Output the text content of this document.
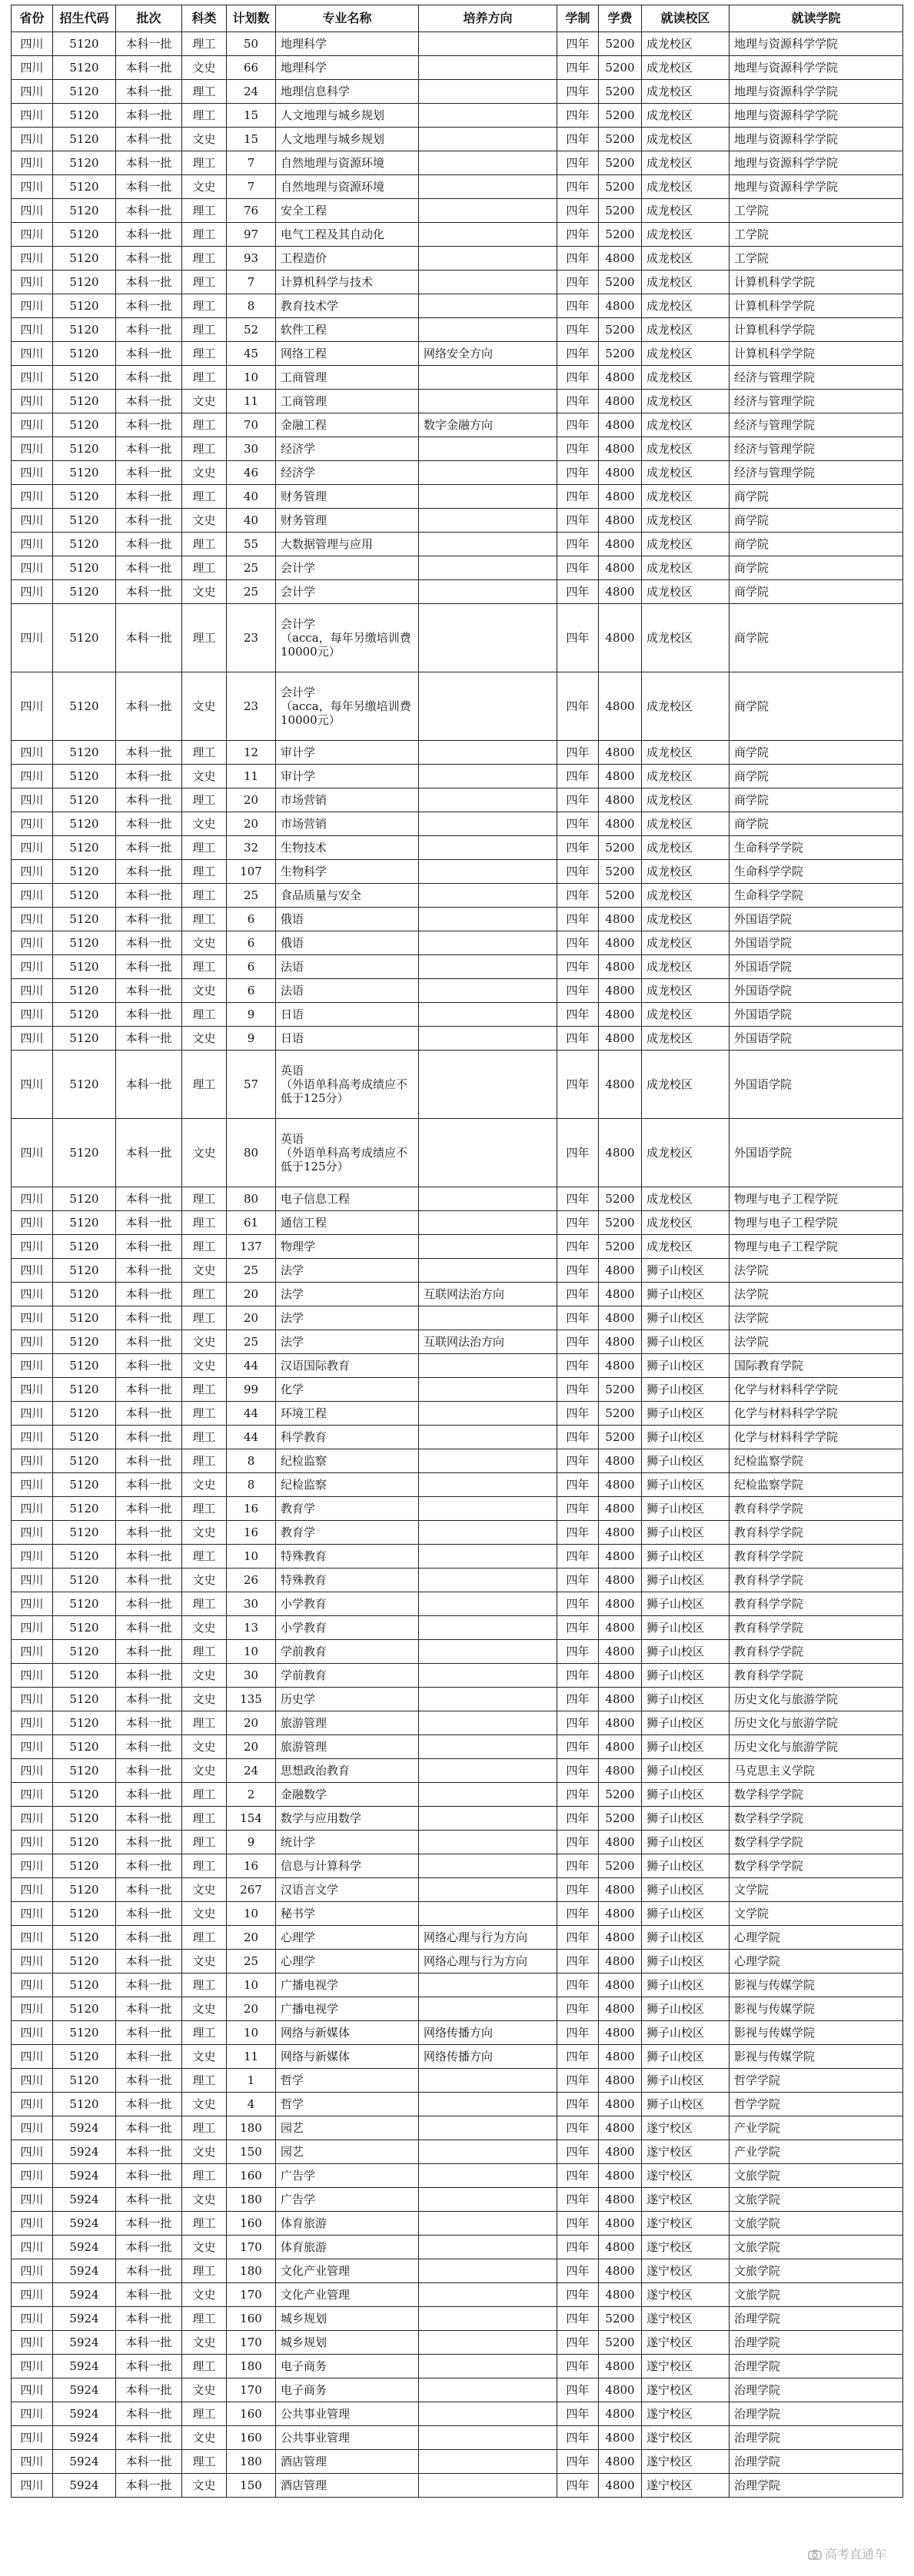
省份	招生代码	批次	科类	计划数	专业名称	培养方向	学制	学费	就读校区	就读学院
四川	5120	本科一批	理工	50	地理科学		四年	5200	成龙校区	地理与资源科学学院
四川	5120	本科一批	文史	66	地理科学		四年	5200	成龙校区	地理与资源科学学院
四川	5120	本科一批	理工	24	地理信息科学		四年	5200	成龙校区	地理与资源科学学院
四川	5120	本科一批	理工	15	人文地理与城乡规划		四年	5200	成龙校区	地理与资源科学学院
四川	5120	本科一批	文史	15	人文地理与城乡规划		四年	5200	成龙校区	地理与资源科学学院
四川	5120	本科一批	理工	7	自然地理与资源环境		四年	5200	成龙校区	地理与资源科学学院
四川	5120	本科一批	文史	7	自然地理与资源环境		四年	5200	成龙校区	地理与资源科学学院
四川	5120	本科一批	理工	76	安全工程		四年	5200	成龙校区	工学院
四川	5120	本科一批	理工	97	电气工程及其自动化		四年	5200	成龙校区	工学院
四川	5120	本科一批	理工	93	工程造价		四年	4800	成龙校区	工学院
四川	5120	本科一批	理工	7	计算机科学与技术		四年	5200	成龙校区	计算机科学学院
四川	5120	本科一批	理工	8	教育技术学		四年	4800	成龙校区	计算机科学学院
四川	5120	本科一批	理工	52	软件工程		四年	5200	成龙校区	计算机科学学院
四川	5120	本科一批	理工	45	网络工程	网络安全方向	四年	5200	成龙校区	计算机科学学院
四川	5120	本科一批	理工	10	工商管理		四年	4800	成龙校区	经济与管理学院
四川	5120	本科一批	文史	11	工商管理		四年	4800	成龙校区	经济与管理学院
四川	5120	本科一批	理工	70	金融工程	数字金融方向	四年	4800	成龙校区	经济与管理学院
四川	5120	本科一批	理工	30	经济学		四年	4800	成龙校区	经济与管理学院
四川	5120	本科一批	文史	46	经济学		四年	4800	成龙校区	经济与管理学院
四川	5120	本科一批	理工	40	财务管理		四年	4800	成龙校区	商学院
四川	5120	本科一批	文史	40	财务管理		四年	4800	成龙校区	商学院
四川	5120	本科一批	理工	55	大数据管理与应用		四年	4800	成龙校区	商学院
四川	5120	本科一批	理工	25	会计学		四年	4800	成龙校区	商学院
四川	5120	本科一批	文史	25	会计学		四年	4800	成龙校区	商学院
四川	5120	本科一批	理工	23	会计学
（acca，每年另缴培训费10000元）		四年	4800	成龙校区	商学院
四川	5120	本科一批	文史	23	会计学
（acca，每年另缴培训费10000元）		四年	4800	成龙校区	商学院
四川	5120	本科一批	理工	12	审计学		四年	4800	成龙校区	商学院
四川	5120	本科一批	文史	11	审计学		四年	4800	成龙校区	商学院
四川	5120	本科一批	理工	20	市场营销		四年	4800	成龙校区	商学院
四川	5120	本科一批	文史	20	市场营销		四年	4800	成龙校区	商学院
四川	5120	本科一批	理工	32	生物技术		四年	5200	成龙校区	生命科学学院
四川	5120	本科一批	理工	107	生物科学		四年	5200	成龙校区	生命科学学院
四川	5120	本科一批	理工	25	食品质量与安全		四年	5200	成龙校区	生命科学学院
四川	5120	本科一批	理工	6	俄语		四年	4800	成龙校区	外国语学院
四川	5120	本科一批	文史	6	俄语		四年	4800	成龙校区	外国语学院
四川	5120	本科一批	理工	6	法语		四年	4800	成龙校区	外国语学院
四川	5120	本科一批	文史	6	法语		四年	4800	成龙校区	外国语学院
四川	5120	本科一批	理工	9	日语		四年	4800	成龙校区	外国语学院
四川	5120	本科一批	文史	9	日语		四年	4800	成龙校区	外国语学院
四川	5120	本科一批	理工	57	英语
（外语单科高考成绩应不低于125分）		四年	4800	成龙校区	外国语学院
四川	5120	本科一批	文史	80	英语
（外语单科高考成绩应不低于125分）		四年	4800	成龙校区	外国语学院
四川	5120	本科一批	理工	80	电子信息工程		四年	5200	成龙校区	物理与电子工程学院
四川	5120	本科一批	理工	61	通信工程		四年	5200	成龙校区	物理与电子工程学院
四川	5120	本科一批	理工	137	物理学		四年	5200	成龙校区	物理与电子工程学院
四川	5120	本科一批	文史	25	法学		四年	4800	狮子山校区	法学院
四川	5120	本科一批	理工	20	法学	互联网法治方向	四年	4800	狮子山校区	法学院
四川	5120	本科一批	理工	20	法学		四年	4800	狮子山校区	法学院
四川	5120	本科一批	文史	25	法学	互联网法治方向	四年	4800	狮子山校区	法学院
四川	5120	本科一批	文史	44	汉语国际教育		四年	4800	狮子山校区	国际教育学院
四川	5120	本科一批	理工	99	化学		四年	5200	狮子山校区	化学与材料科学学院
四川	5120	本科一批	理工	44	环境工程		四年	5200	狮子山校区	化学与材料科学学院
四川	5120	本科一批	理工	44	科学教育		四年	5200	狮子山校区	化学与材料科学学院
四川	5120	本科一批	理工	8	纪检监察		四年	4800	狮子山校区	纪检监察学院
四川	5120	本科一批	文史	8	纪检监察		四年	4800	狮子山校区	纪检监察学院
四川	5120	本科一批	理工	16	教育学		四年	4800	狮子山校区	教育科学学院
四川	5120	本科一批	文史	16	教育学		四年	4800	狮子山校区	教育科学学院
四川	5120	本科一批	理工	10	特殊教育		四年	4800	狮子山校区	教育科学学院
四川	5120	本科一批	文史	26	特殊教育		四年	4800	狮子山校区	教育科学学院
四川	5120	本科一批	理工	30	小学教育		四年	4800	狮子山校区	教育科学学院
四川	5120	本科一批	文史	13	小学教育		四年	4800	狮子山校区	教育科学学院
四川	5120	本科一批	理工	10	学前教育		四年	4800	狮子山校区	教育科学学院
四川	5120	本科一批	文史	30	学前教育		四年	4800	狮子山校区	教育科学学院
四川	5120	本科一批	文史	135	历史学		四年	4800	狮子山校区	历史文化与旅游学院
四川	5120	本科一批	理工	20	旅游管理		四年	4800	狮子山校区	历史文化与旅游学院
四川	5120	本科一批	文史	20	旅游管理		四年	4800	狮子山校区	历史文化与旅游学院
四川	5120	本科一批	文史	24	思想政治教育		四年	4800	狮子山校区	马克思主义学院
四川	5120	本科一批	理工	2	金融数学		四年	5200	狮子山校区	数学科学学院
四川	5120	本科一批	理工	154	数学与应用数学		四年	5200	狮子山校区	数学科学学院
四川	5120	本科一批	理工	9	统计学		四年	4800	狮子山校区	数学科学学院
四川	5120	本科一批	理工	16	信息与计算科学		四年	5200	狮子山校区	数学科学学院
四川	5120	本科一批	文史	267	汉语言文学		四年	4800	狮子山校区	文学院
四川	5120	本科一批	文史	10	秘书学		四年	4800	狮子山校区	文学院
四川	5120	本科一批	理工	20	心理学	网络心理与行为方向	四年	4800	狮子山校区	心理学院
四川	5120	本科一批	文史	25	心理学	网络心理与行为方向	四年	4800	狮子山校区	心理学院
四川	5120	本科一批	理工	10	广播电视学		四年	4800	狮子山校区	影视与传媒学院
四川	5120	本科一批	文史	20	广播电视学		四年	4800	狮子山校区	影视与传媒学院
四川	5120	本科一批	理工	10	网络与新媒体	网络传播方向	四年	4800	狮子山校区	影视与传媒学院
四川	5120	本科一批	文史	11	网络与新媒体	网络传播方向	四年	4800	狮子山校区	影视与传媒学院
四川	5120	本科一批	理工	1	哲学		四年	4800	狮子山校区	哲学学院
四川	5120	本科一批	文史	4	哲学		四年	4800	狮子山校区	哲学学院
四川	5924	本科一批	理工	180	园艺		四年	4800	遂宁校区	产业学院
四川	5924	本科一批	文史	150	园艺		四年	4800	遂宁校区	产业学院
四川	5924	本科一批	理工	160	广告学		四年	4800	遂宁校区	文旅学院
四川	5924	本科一批	文史	180	广告学		四年	4800	遂宁校区	文旅学院
四川	5924	本科一批	理工	160	体育旅游		四年	4800	遂宁校区	文旅学院
四川	5924	本科一批	文史	170	体育旅游		四年	4800	遂宁校区	文旅学院
四川	5924	本科一批	理工	180	文化产业管理		四年	4800	遂宁校区	文旅学院
四川	5924	本科一批	文史	170	文化产业管理		四年	4800	遂宁校区	文旅学院
四川	5924	本科一批	理工	160	城乡规划		四年	5200	遂宁校区	治理学院
四川	5924	本科一批	文史	170	城乡规划		四年	5200	遂宁校区	治理学院
四川	5924	本科一批	理工	180	电子商务		四年	4800	遂宁校区	治理学院
四川	5924	本科一批	文史	170	电子商务		四年	4800	遂宁校区	治理学院
四川	5924	本科一批	理工	160	公共事业管理		四年	4800	遂宁校区	治理学院
四川	5924	本科一批	文史	160	公共事业管理		四年	4800	遂宁校区	治理学院
四川	5924	本科一批	理工	180	酒店管理		四年	4800	遂宁校区	治理学院
四川	5924	本科一批	文史	150	酒店管理		四年	4800	遂宁校区	治理学院
高考直通车
